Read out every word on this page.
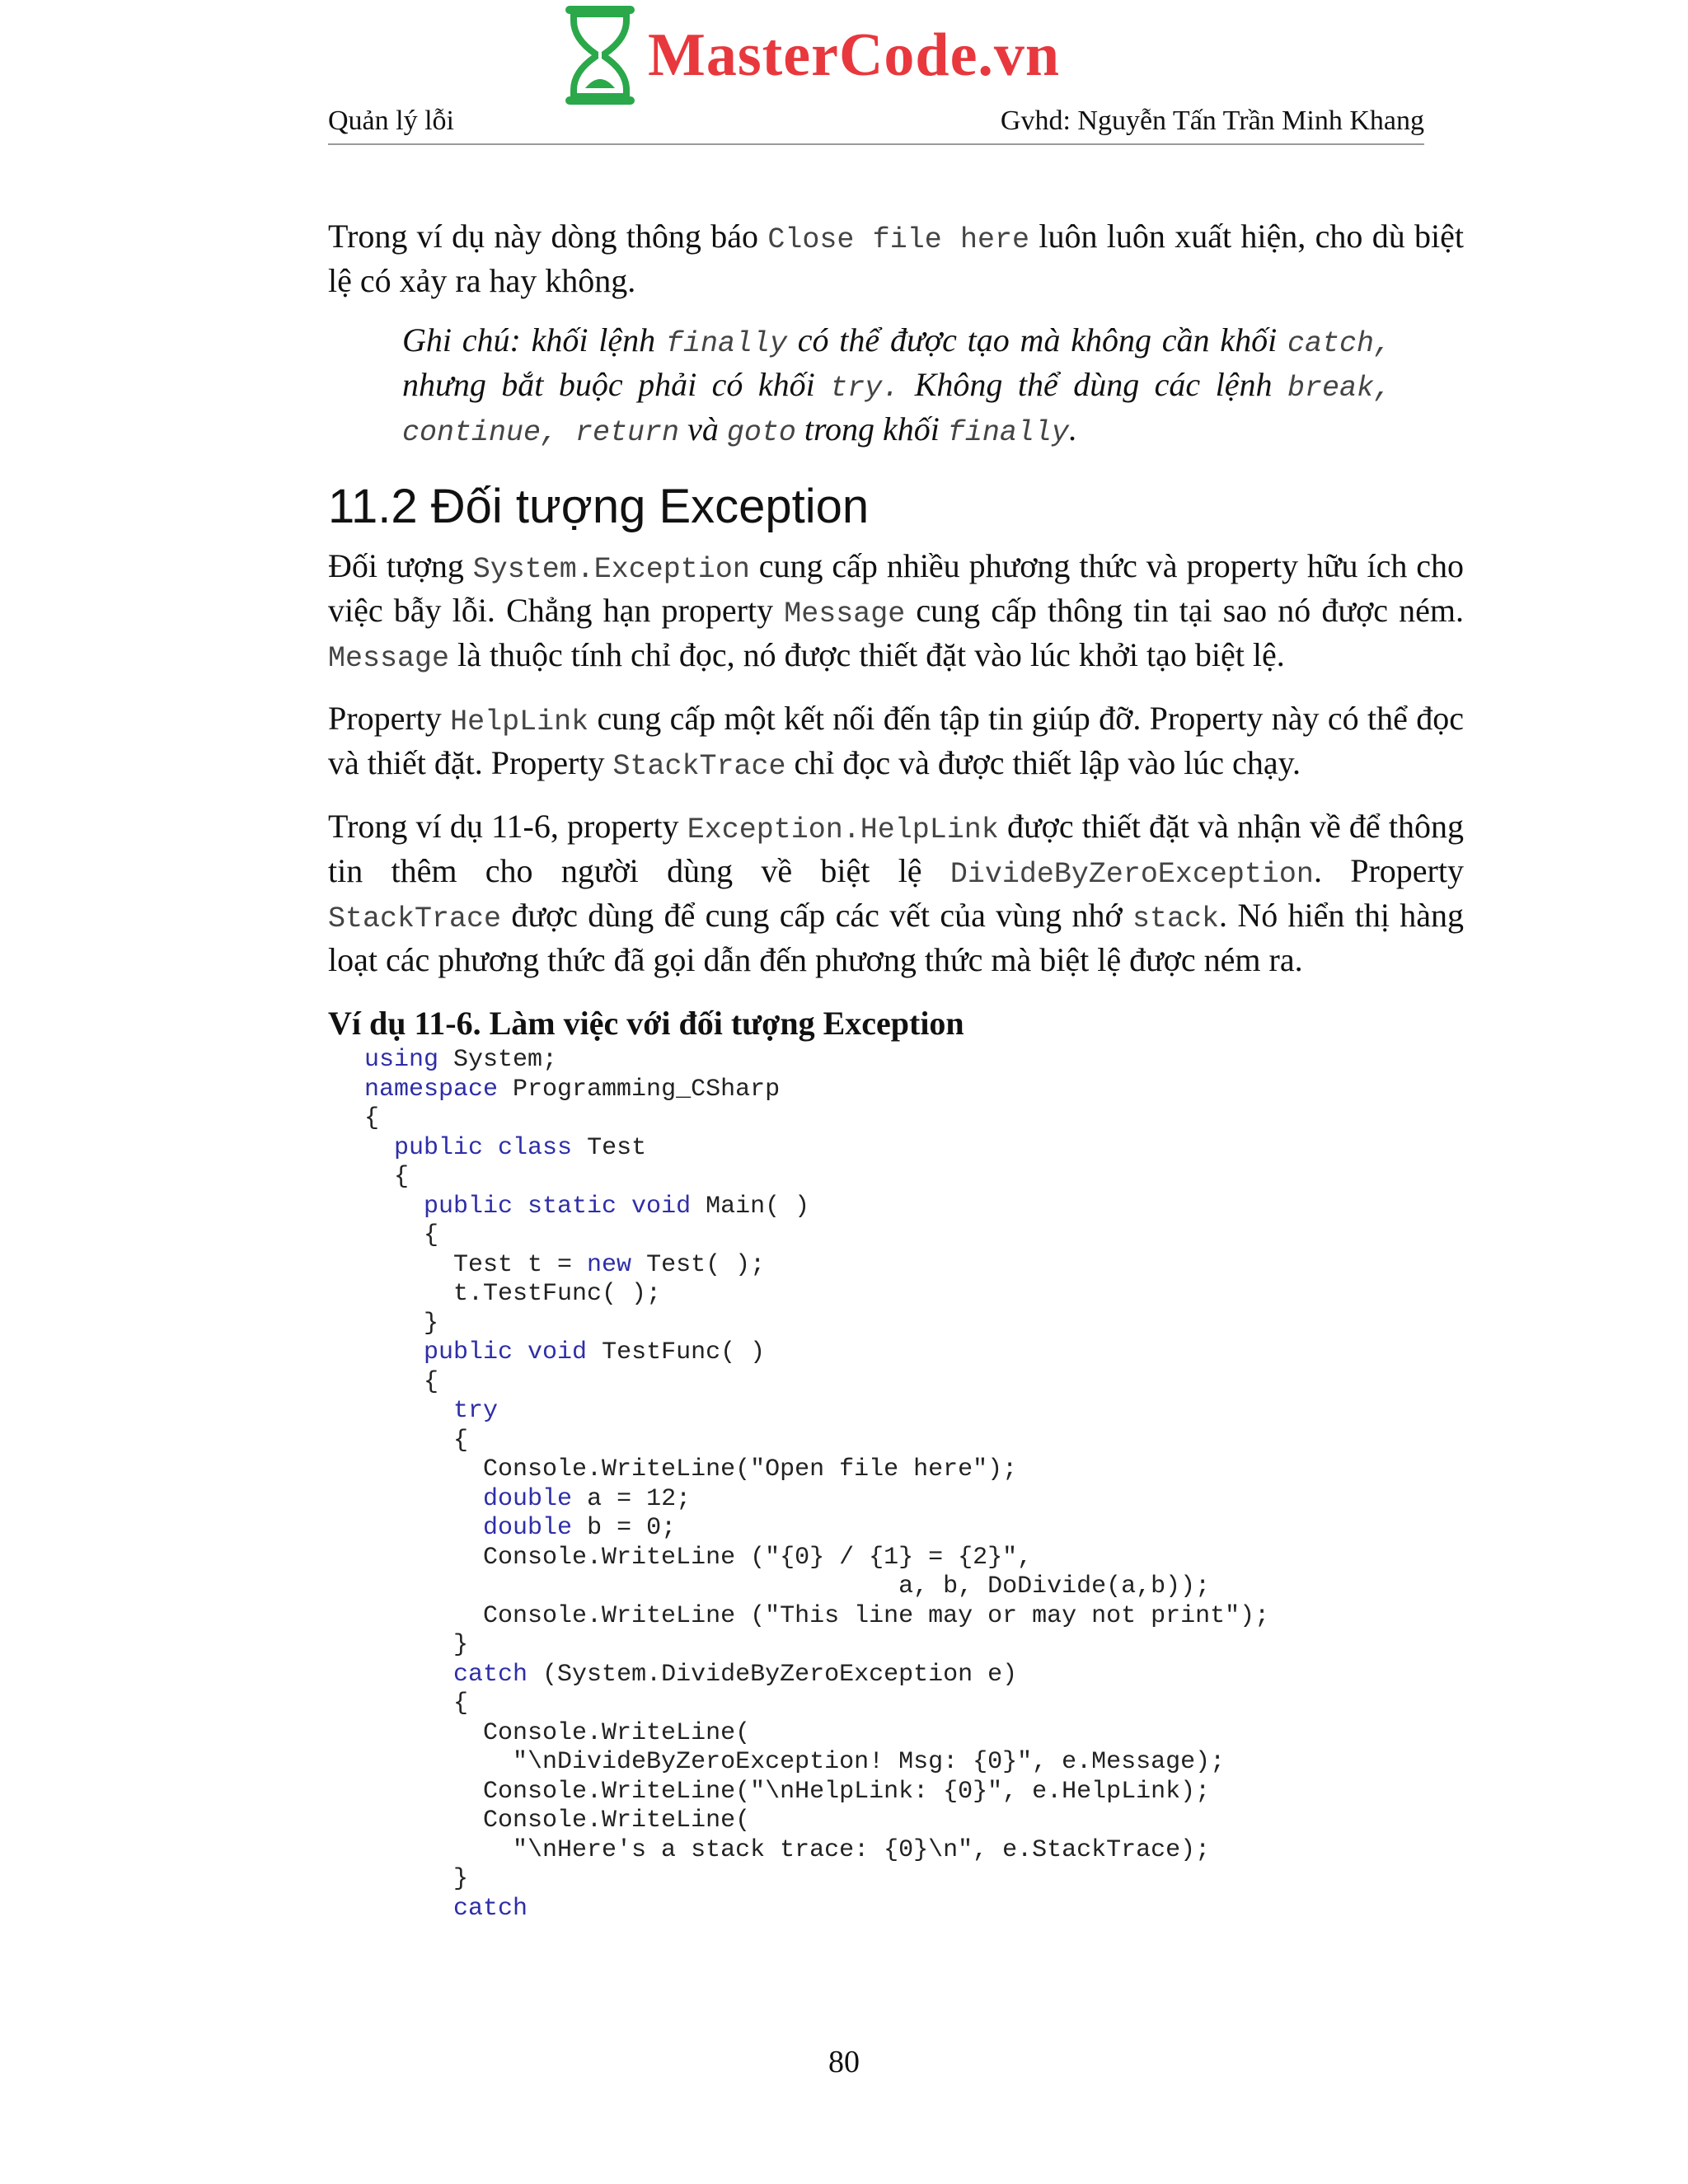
MasterCode.vn
Quản lý lỗi	Gvhd: Nguyễn Tấn Trần Minh Khang

Trong ví dụ này dòng thông báo Close file here luôn luôn xuất hiện, cho dù biệt lệ có xảy ra hay không.

Ghi chú: khối lệnh finally có thể được tạo mà không cần khối catch, nhưng bắt buộc phải có khối try. Không thể dùng các lệnh break, continue, return và goto trong khối finally.

11.2 Đối tượng Exception

Đối tượng System.Exception cung cấp nhiều phương thức và property hữu ích cho việc bẫy lỗi. Chẳng hạn property Message cung cấp thông tin tại sao nó được ném. Message là thuộc tính chỉ đọc, nó được thiết đặt vào lúc khởi tạo biệt lệ.

Property HelpLink cung cấp một kết nối đến tập tin giúp đỡ. Property này có thể đọc và thiết đặt. Property StackTrace chỉ đọc và được thiết lập vào lúc chạy.

Trong ví dụ 11-6, property Exception.HelpLink được thiết đặt và nhận về để thông tin thêm cho người dùng về biệt lệ DivideByZeroException. Property StackTrace được dùng để cung cấp các vết của vùng nhớ stack. Nó hiển thị hàng loạt các phương thức đã gọi dẫn đến phương thức mà biệt lệ được ném ra.

Ví dụ 11-6. Làm việc với đối tượng Exception
using System;
namespace Programming_CSharp
{
public class Test
{
public static void Main( )
{
Test t = new Test( );
t.TestFunc( );
}
public void TestFunc( )
{
try
{
Console.WriteLine("Open file here");
double a = 12;
double b = 0;
Console.WriteLine ("{0} / {1} = {2}",
a, b, DoDivide(a,b));
Console.WriteLine ("This line may or may not print");
}
catch (System.DivideByZeroException e)
{
Console.WriteLine(
"\nDivideByZeroException! Msg: {0}", e.Message);
Console.WriteLine("\nHelpLink: {0}", e.HelpLink);
Console.WriteLine(
"\nHere's a stack trace: {0}\n", e.StackTrace);
}
catch
80
